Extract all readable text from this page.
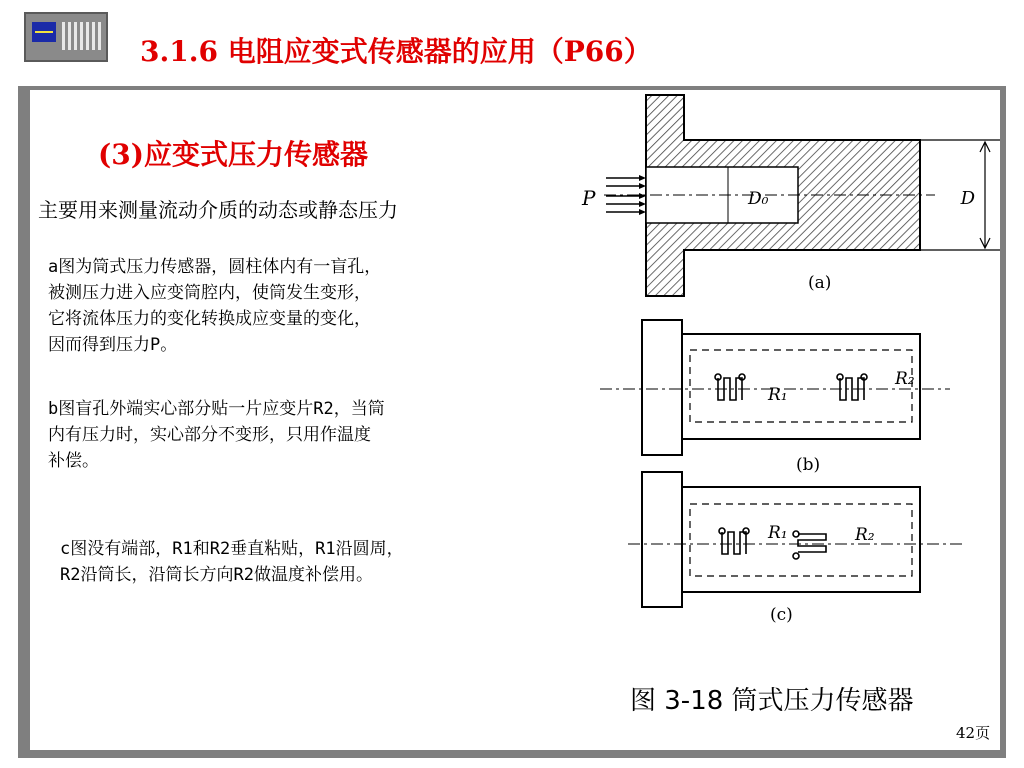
3.1.6 电阻应变式传感器的应用（P66）	电视大学
(3)应变式压力传感器
主要用来测量流动介质的动态或静态压力
a图为筒式压力传感器，圆柱体内有一盲孔，
被测压力进入应变筒腔内，使筒发生变形，
它将流体压力的变化转换成应变量的变化，
因而得到压力P。
b图盲孔外端实心部分贴一片应变片R2，当筒
内有压力时，实心部分不变形，只用作温度
补偿。
c图没有端部，R1和R2垂直粘贴，R1沿圆周，
R2沿筒长，沿筒长方向R2做温度补偿用。
P	D₀	D
(a)
R₁
R₂
(b)
R₁	R₂
(c)
图 3-18 筒式压力传感器
42页
